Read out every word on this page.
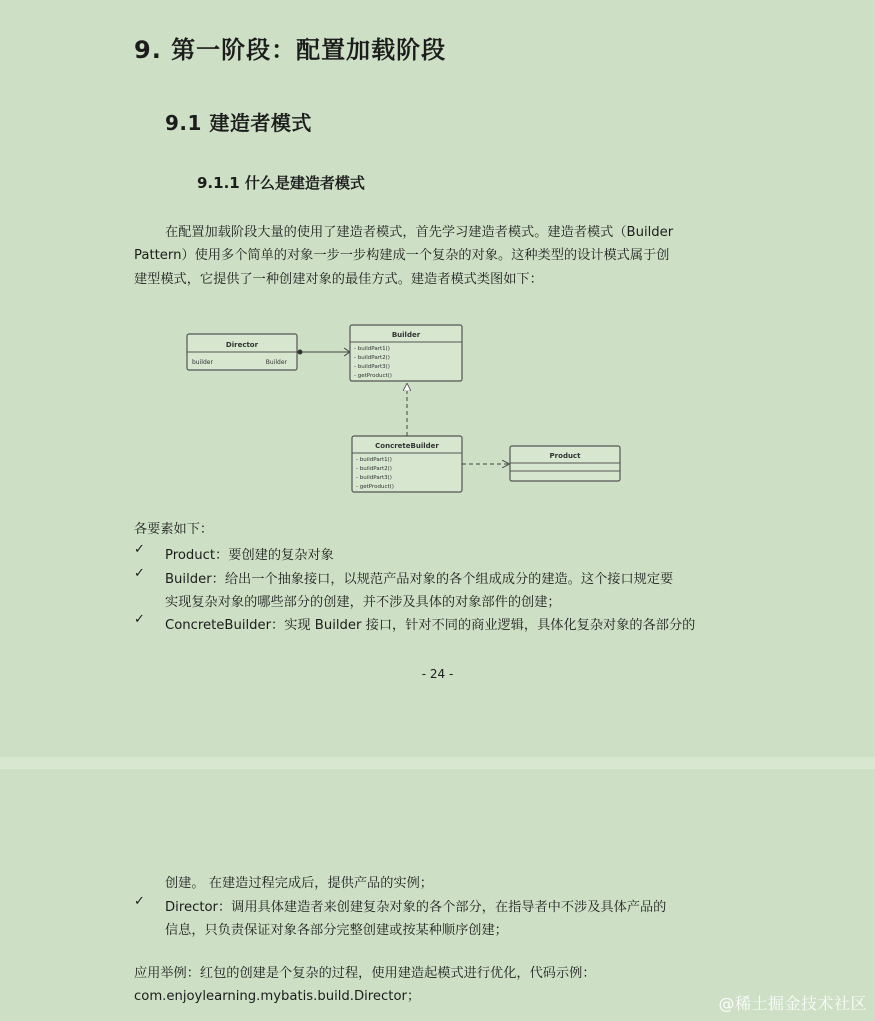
9. 第一阶段：配置加载阶段
9.1 建造者模式
9.1.1 什么是建造者模式
在配置加载阶段大量的使用了建造者模式，首先学习建造者模式。建造者模式（Builder
Pattern）使用多个简单的对象一步一步构建成一个复杂的对象。这种类型的设计模式属于创
建型模式，它提供了一种创建对象的最佳方式。建造者模式类图如下：
Director
builder	Builder
Builder
- buildPart1()
- buildPart2()
- buildPart3()
- getProduct()
ConcreteBuilder
- buildPart1()
- buildPart2()
- buildPart3()
- getProduct()
Product
各要素如下：
✓ Product：要创建的复杂对象
✓ Builder：给出一个抽象接口，以规范产品对象的各个组成成分的建造。这个接口规定要
实现复杂对象的哪些部分的创建，并不涉及具体的对象部件的创建；
✓ ConcreteBuilder：实现 Builder 接口，针对不同的商业逻辑，具体化复杂对象的各部分的
- 24 -
创建。 在建造过程完成后，提供产品的实例；
✓ Director：调用具体建造者来创建复杂对象的各个部分，在指导者中不涉及具体产品的
信息，只负责保证对象各部分完整创建或按某种顺序创建；
应用举例：红包的创建是个复杂的过程，使用建造起模式进行优化，代码示例：
com.enjoylearning.mybatis.build.Director；	@稀土掘金技术社区
